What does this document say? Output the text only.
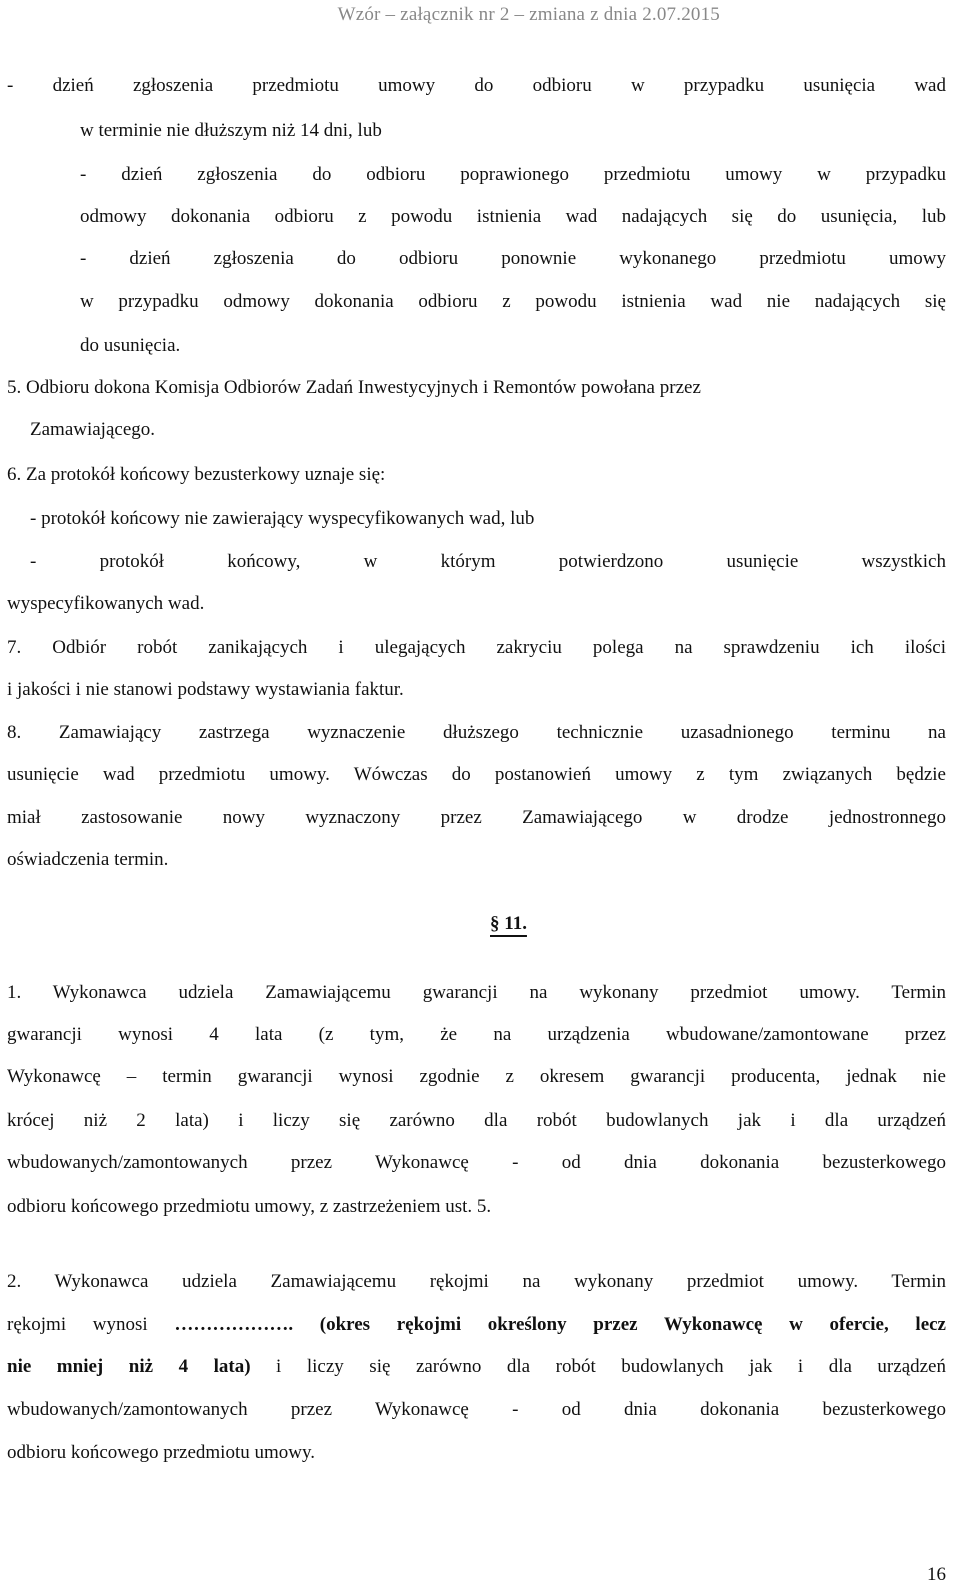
Wzór – załącznik nr 2 – zmiana z dnia 2.07.2015
- dzień zgłoszenia przedmiotu umowy do odbioru w przypadku usunięcia wad
w terminie nie dłuższym niż 14 dni, lub
- dzień zgłoszenia do odbioru poprawionego przedmiotu umowy w przypadku
odmowy dokonania odbioru z powodu istnienia wad nadających się do usunięcia, lub
- dzień zgłoszenia do odbioru ponownie wykonanego przedmiotu umowy
w przypadku odmowy dokonania odbioru z powodu istnienia wad nie nadających się
do usunięcia.
5. Odbioru dokona Komisja Odbiorów Zadań Inwestycyjnych i Remontów powołana przez
Zamawiającego.
6. Za protokół końcowy bezusterkowy uznaje się:
- protokół końcowy nie zawierający wyspecyfikowanych wad, lub
- protokół końcowy, w którym potwierdzono usunięcie wszystkich
wyspecyfikowanych wad.
7. Odbiór robót zanikających i ulegających zakryciu polega na sprawdzeniu ich ilości
i jakości i nie stanowi podstawy wystawiania faktur.
8. Zamawiający zastrzega wyznaczenie dłuższego technicznie uzasadnionego terminu na
usunięcie wad przedmiotu umowy. Wówczas do postanowień umowy z tym związanych będzie
miał zastosowanie nowy wyznaczony przez Zamawiającego w drodze jednostronnego
oświadczenia termin.
§ 11.
1. Wykonawca udziela Zamawiającemu gwarancji na wykonany przedmiot umowy. Termin
gwarancji wynosi 4 lata (z tym, że na urządzenia wbudowane/zamontowane przez
Wykonawcę – termin gwarancji wynosi zgodnie z okresem gwarancji producenta, jednak nie
krócej niż 2 lata) i liczy się zarówno dla robót budowlanych jak i dla urządzeń
wbudowanych/zamontowanych przez Wykonawcę - od dnia dokonania bezusterkowego
odbioru końcowego przedmiotu umowy, z zastrzeżeniem ust. 5.
2. Wykonawca udziela Zamawiającemu rękojmi na wykonany przedmiot umowy. Termin
rękojmi wynosi ………………. (okres rękojmi określony przez Wykonawcę w ofercie, lecz
nie mniej niż 4 lata) i liczy się zarówno dla robót budowlanych jak i dla urządzeń
wbudowanych/zamontowanych przez Wykonawcę - od dnia dokonania bezusterkowego
odbioru końcowego przedmiotu umowy.
16
